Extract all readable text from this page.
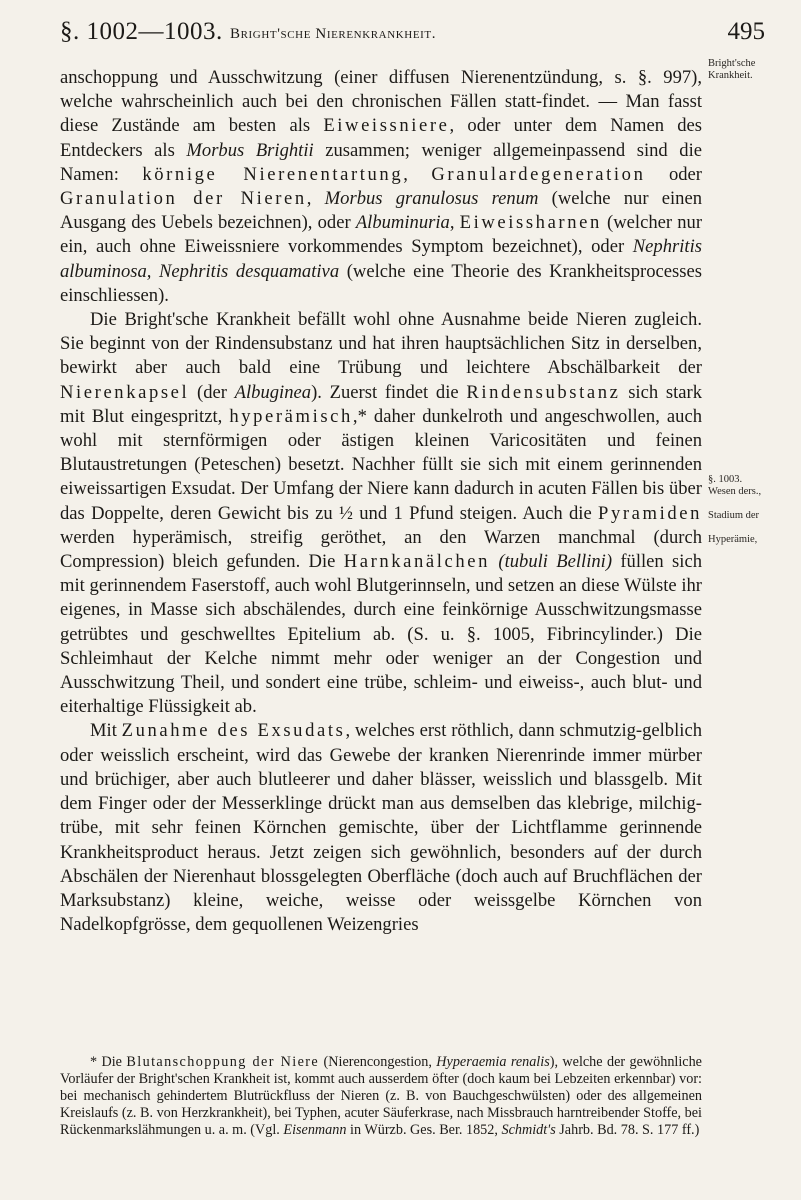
§. 1002—1003. Bright'sche Nierenkrankheit.	495
Bright'sche
Krankheit.
§. 1003.
Wesen ders.,
Stadium der
Hyperämie,

anschoppung und Ausschwitzung (einer diffusen Nierenentzündung, s. §. 997), welche wahrscheinlich auch bei den chronischen Fällen statt-findet. — Man fasst diese Zustände am besten als Eiweissniere, oder unter dem Namen des Entdeckers als Morbus Brightii zusammen; weniger allgemeinpassend sind die Namen: körnige Nierenentartung, Granulardegeneration oder Granulation der Nieren, Morbus granulosus renum (welche nur einen Ausgang des Uebels bezeichnen), oder Albuminuria, Eiweissharnen (welcher nur ein, auch ohne Eiweissniere vorkommendes Symptom bezeichnet), oder Nephritis albuminosa, Nephritis desquamativa (welche eine Theorie des Krankheitsprocesses einschliessen).

Die Bright'sche Krankheit befällt wohl ohne Ausnahme beide Nieren zugleich. Sie beginnt von der Rindensubstanz und hat ihren hauptsächlichen Sitz in derselben, bewirkt aber auch bald eine Trübung und leichtere Abschälbarkeit der Nierenkapsel (der Albuginea). Zuerst findet die Rindensubstanz sich stark mit Blut eingespritzt, hyperämisch,* daher dunkelroth und angeschwollen, auch wohl mit sternförmigen oder ästigen kleinen Varicositäten und feinen Blutaustretungen (Peteschen) besetzt. Nachher füllt sie sich mit einem gerinnenden eiweissartigen Exsudat. Der Umfang der Niere kann dadurch in acuten Fällen bis über das Doppelte, deren Gewicht bis zu ½ und 1 Pfund steigen. Auch die Pyramiden werden hyperämisch, streifig geröthet, an den Warzen manchmal (durch Compression) bleich gefunden. Die Harnkanälchen (tubuli Bellini) füllen sich mit gerinnendem Faserstoff, auch wohl Blutgerinnseln, und setzen an diese Wülste ihr eigenes, in Masse sich abschälendes, durch eine feinkörnige Ausschwitzungsmasse getrübtes und geschwelltes Epitelium ab. (S. u. §. 1005, Fibrincylinder.) Die Schleimhaut der Kelche nimmt mehr oder weniger an der Congestion und Ausschwitzung Theil, und sondert eine trübe, schleim- und eiweiss-, auch blut- und eiterhaltige Flüssigkeit ab.

Mit Zunahme des Exsudats, welches erst röthlich, dann schmutzig-gelblich oder weisslich erscheint, wird das Gewebe der kranken Nierenrinde immer mürber und brüchiger, aber auch blutleerer und daher blässer, weisslich und blassgelb. Mit dem Finger oder der Messerklinge drückt man aus demselben das klebrige, milchig-trübe, mit sehr feinen Körnchen gemischte, über der Lichtflamme gerinnende Krankheitsproduct heraus. Jetzt zeigen sich gewöhnlich, besonders auf der durch Abschälen der Nierenhaut blossgelegten Oberfläche (doch auch auf Bruchflächen der Marksubstanz) kleine, weiche, weisse oder weissgelbe Körnchen von Nadelkopfgrösse, dem gequollenen Weizengries

* Die Blutanschoppung der Niere (Nierencongestion, Hyperaemia renalis), welche der gewöhnliche Vorläufer der Bright'schen Krankheit ist, kommt auch ausserdem öfter (doch kaum bei Lebzeiten erkennbar) vor: bei mechanisch gehindertem Blutrückfluss der Nieren (z. B. von Bauchgeschwülsten) oder des allgemeinen Kreislaufs (z. B. von Herzkrankheit), bei Typhen, acuter Säuferkrase, nach Missbrauch harntreibender Stoffe, bei Rückenmarkslähmungen u. a. m. (Vgl. Eisenmann in Würzb. Ges. Ber. 1852, Schmidt's Jahrb. Bd. 78. S. 177 ff.)
